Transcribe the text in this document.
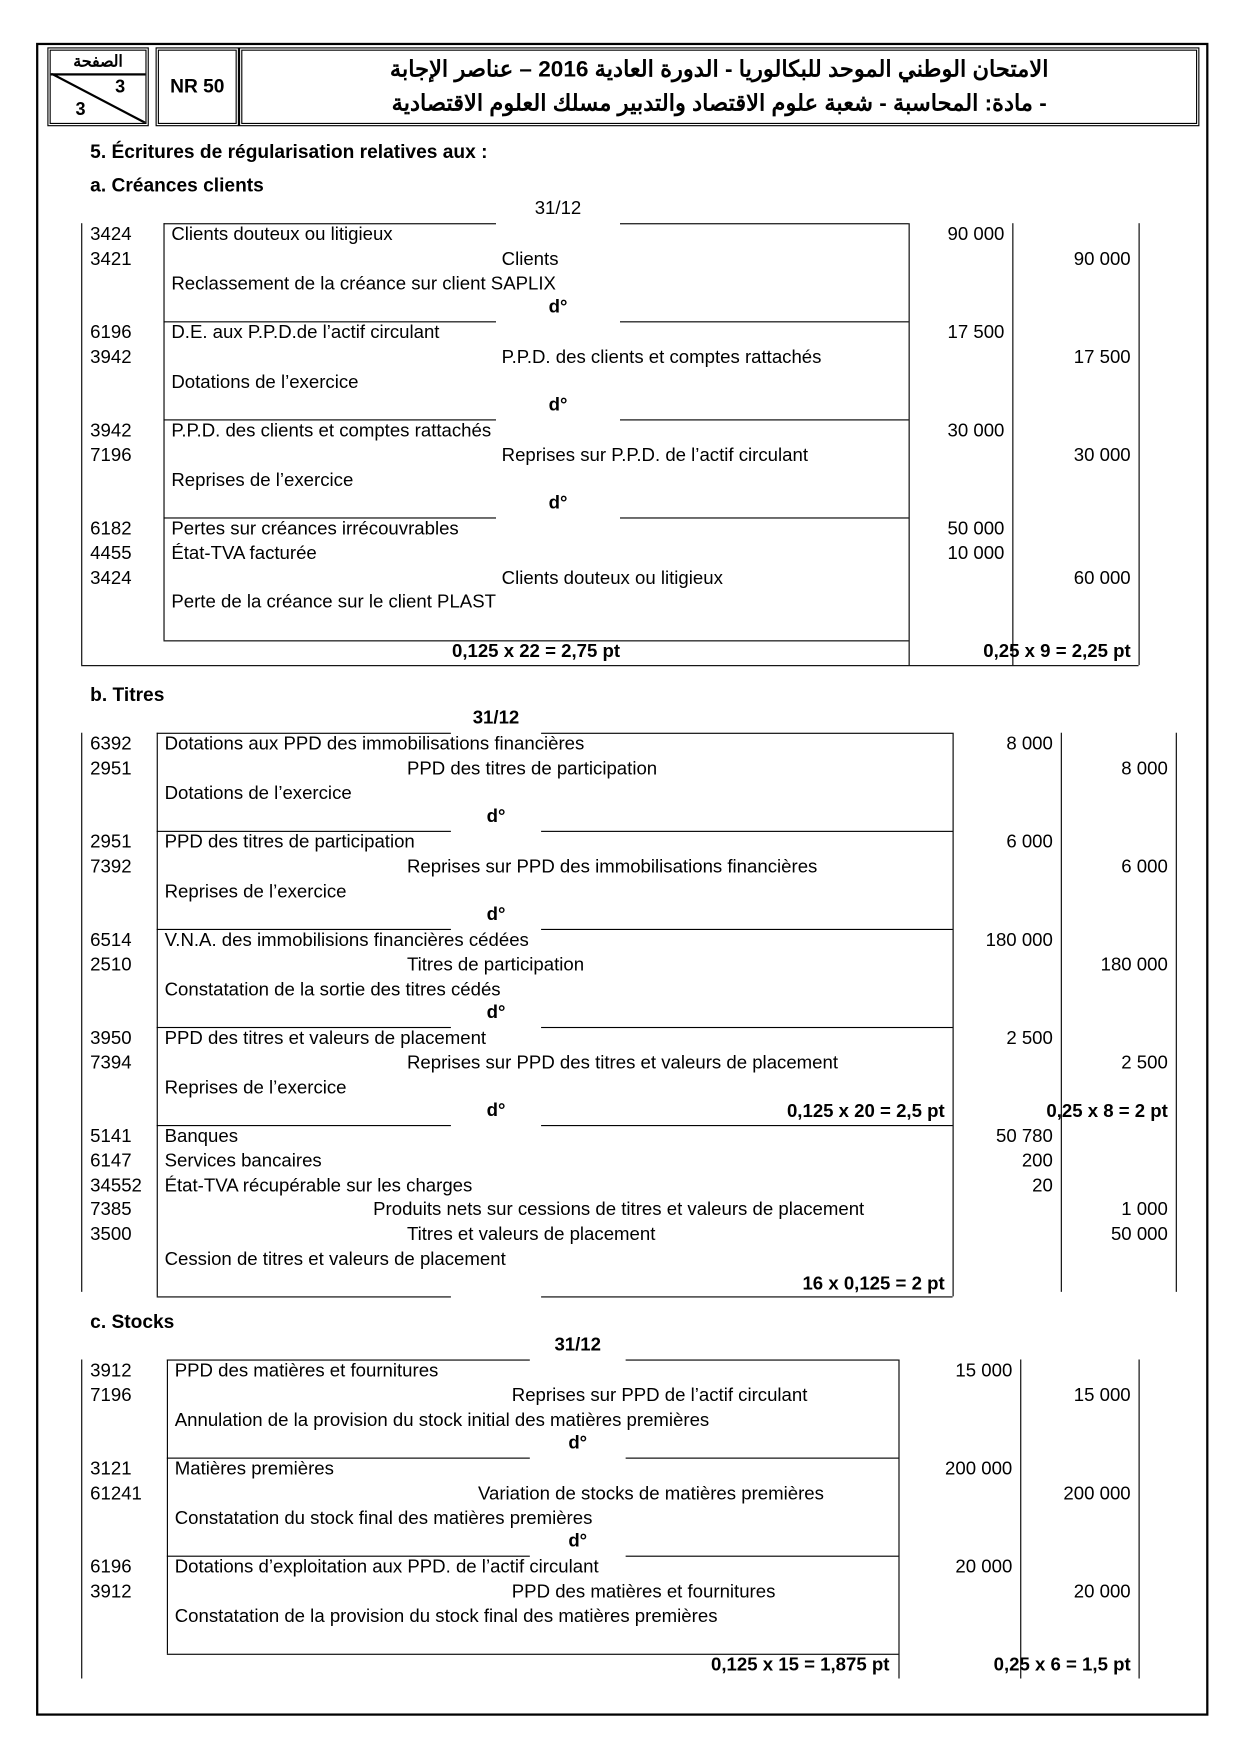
الصفحة
3
3
NR 50
الامتحان الوطني الموحد للبكالوريا - الدورة العادية 2016 – عناصر الإجابة
- مادة: المحاسبة - شعبة علوم الاقتصاد والتدبير مسلك العلوم الاقتصادية
5. Écritures de régularisation relatives aux :
a. Créances clients
31/12
3424 Clients douteux ou litigieux	90 000
3421	Clients	90 000
Reclassement de la créance sur client SAPLIX
d°
6196 D.E. aux P.P.D.de l’actif circulant	17 500
3942	P.P.D. des clients et comptes rattachés	17 500
Dotations de l’exercice
d°
3942 P.P.D. des clients et comptes rattachés	30 000
7196	Reprises sur P.P.D. de l’actif circulant	30 000
Reprises de l’exercice
d°
6182 Pertes sur créances irrécouvrables	50 000
4455 État-TVA facturée	10 000
3424	Clients douteux ou litigieux	60 000
Perte de la créance sur le client PLAST
0,125 x 22 = 2,75 pt	0,25 x 9 = 2,25 pt
b. Titres
31/12
6392 Dotations aux PPD des immobilisations financières	8 000
2951	PPD des titres de participation	8 000
Dotations de l’exercice
d°
2951 PPD des titres de participation	6 000
7392	Reprises sur PPD des immobilisations financières	6 000
Reprises de l’exercice
d°
6514 V.N.A. des immobilisions financières cédées	180 000
2510	Titres de participation	180 000
Constatation de la sortie des titres cédés
d°
3950 PPD des titres et valeurs de placement	2 500
7394	Reprises sur PPD des titres et valeurs de placement	2 500
Reprises de l’exercice
d°	0,125 x 20 = 2,5 pt	0,25 x 8 = 2 pt
5141 Banques	50 780
6147 Services bancaires	200
34552 État-TVA récupérable sur les charges	20
7385	Produits nets sur cessions de titres et valeurs de placement	1 000
3500	Titres et valeurs de placement	50 000
Cession de titres et valeurs de placement
16 x 0,125 = 2 pt
c. Stocks
31/12
3912	PPD des matières et fournitures	15 000
7196	Reprises sur PPD de l’actif circulant	15 000
Annulation de la provision du stock initial des matières premières
d°
3121	Matières premières	200 000
61241	Variation de stocks de matières premières	200 000
Constatation du stock final des matières premières
d°
6196	Dotations d’exploitation aux PPD. de l’actif circulant	20 000
3912	PPD des matières et fournitures	20 000
Constatation de la provision du stock final des matières premières
0,125 x 15 = 1,875 pt	0,25 x 6 = 1,5 pt
